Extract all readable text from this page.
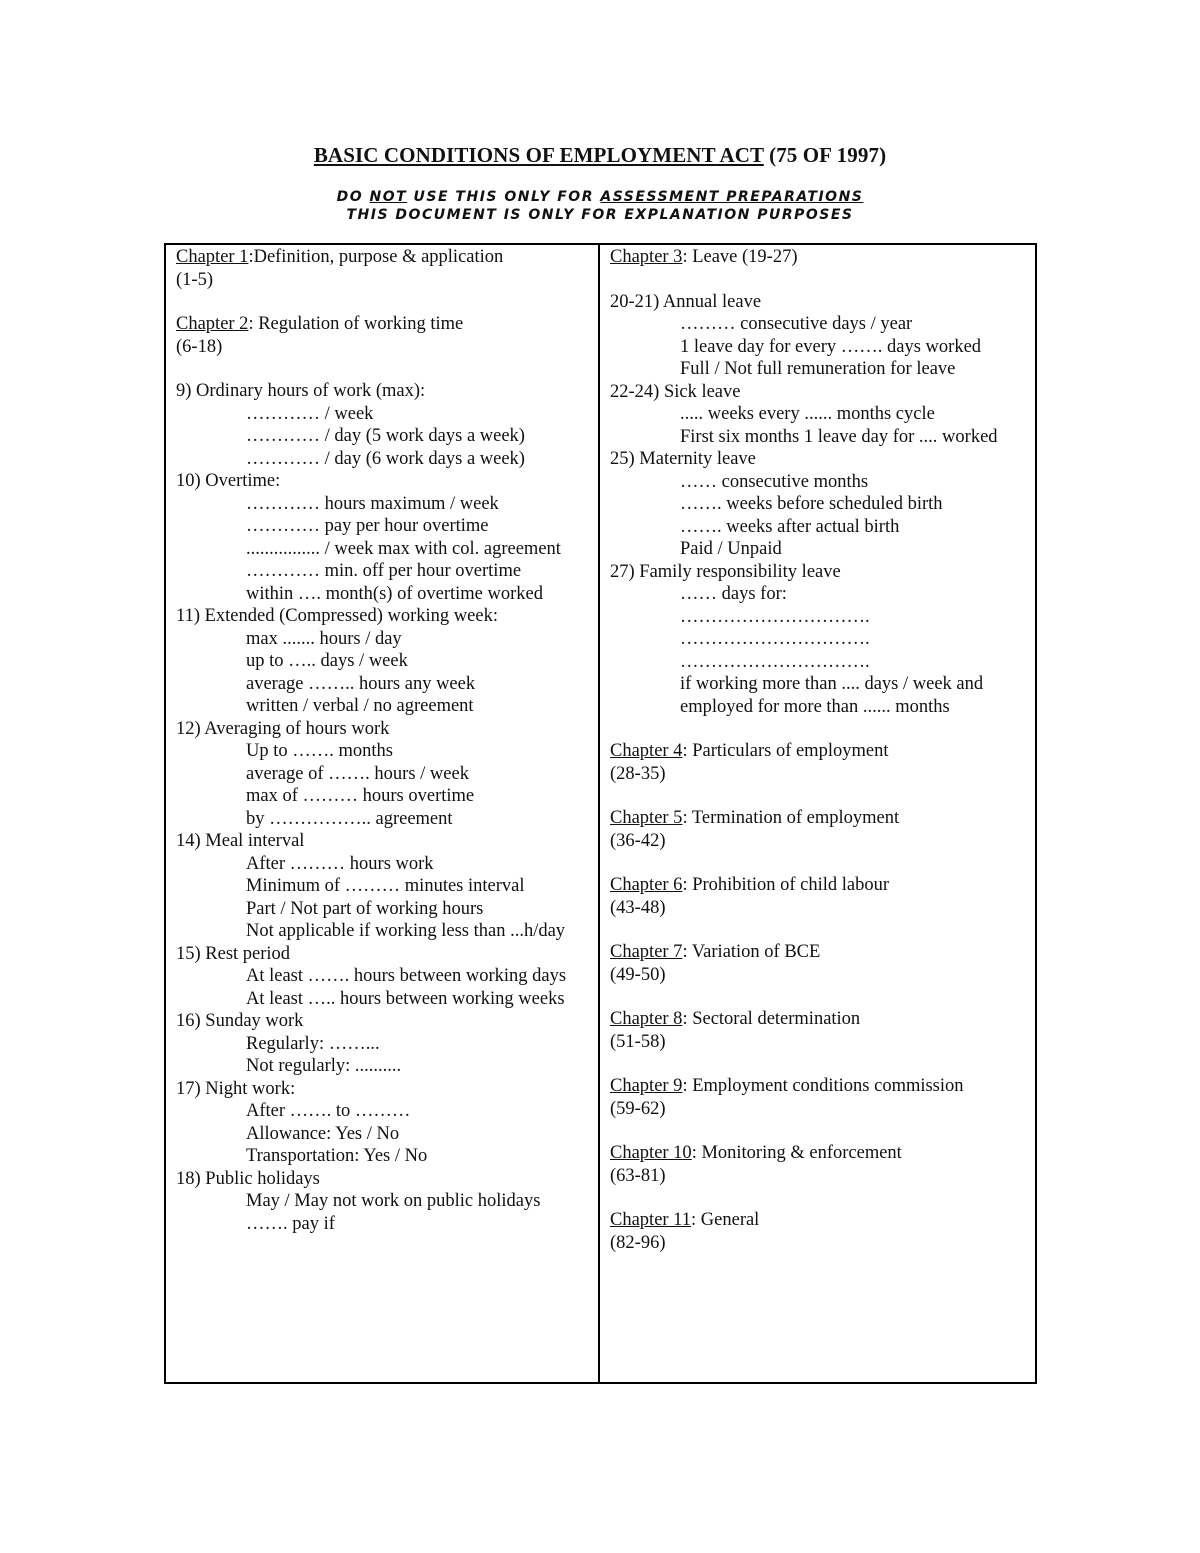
BASIC CONDITIONS OF EMPLOYMENT ACT (75 OF 1997)
DO NOT USE THIS ONLY FOR ASSESSMENT PREPARATIONS
THIS DOCUMENT IS ONLY FOR EXPLANATION PURPOSES
Chapter 1:Definition, purpose & application
(1-5)
Chapter 2: Regulation of working time
(6-18)
9) Ordinary hours of work (max):
………… / week
………… / day (5 work days a week)
………… / day (6 work days a week)
10) Overtime:
………… hours maximum / week
………… pay per hour overtime
................ / week max with col. agreement
………… min. off per hour overtime
within …. month(s) of overtime worked
11) Extended (Compressed) working week:
max ....... hours / day
up to ….. days / week
average …….. hours any week
written / verbal / no agreement
12) Averaging of hours work
Up to ……. months
average of ……. hours / week
max of ……… hours overtime
by …………….. agreement
14) Meal interval
After ……… hours work
Minimum of ……… minutes interval
Part / Not part of working hours
Not applicable if working less than ...h/day
15) Rest period
At least ……. hours between working days
At least ….. hours between working weeks
16) Sunday work
Regularly: ……...
Not regularly: ..........
17) Night work:
After ……. to ………
Allowance: Yes / No
Transportation: Yes / No
18) Public holidays
May / May not work on public holidays
……. pay if
Chapter 3: Leave (19-27)
20-21) Annual leave
……… consecutive days / year
1 leave day for every ……. days worked
Full / Not full remuneration for leave
22-24) Sick leave
..... weeks every ...... months cycle
First six months 1 leave day for .... worked
25) Maternity leave
…… consecutive months
……. weeks before scheduled birth
……. weeks after actual birth
Paid / Unpaid
27) Family responsibility leave
…… days for:
………………………….
………………………….
………………………….
if working more than .... days / week and
employed for more than ...... months
Chapter 4: Particulars of employment
(28-35)
Chapter 5: Termination of employment
(36-42)
Chapter 6: Prohibition of child labour
(43-48)
Chapter 7: Variation of BCE
(49-50)
Chapter 8: Sectoral determination
(51-58)
Chapter 9: Employment conditions commission
(59-62)
Chapter 10: Monitoring & enforcement
(63-81)
Chapter 11: General
(82-96)
